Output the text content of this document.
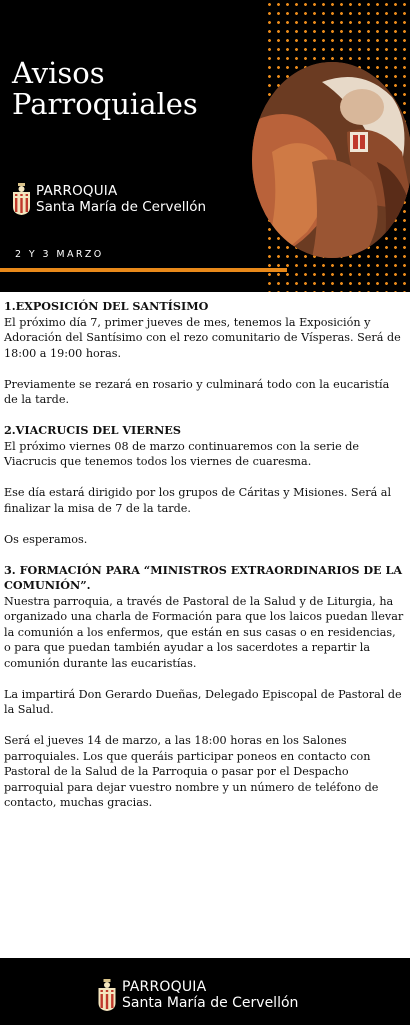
Avisos
Parroquiales
PARROQUIA
Santa María de Cervellón
2 Y 3 MARZO
1.EXPOSICIÓN DEL SANTÍSIMO

El próximo día 7, primer jueves de mes, tenemos la Exposición y Adoración del Santísimo con el rezo comunitario de Vísperas. Será de 18:00 a 19:00 horas.

Previamente se rezará en rosario y culminará todo con la eucaristía de la tarde.

2.VIACRUCIS DEL VIERNES

El próximo viernes 08 de marzo continuaremos con la serie de Viacrucis que tenemos todos los viernes de cuaresma.

Ese día estará dirigido por los grupos de Cáritas y Misiones. Será al finalizar la misa de 7 de la tarde.

Os esperamos.

3. FORMACIÓN PARA “MINISTROS EXTRAORDINARIOS DE LA COMUNIÓN”.

Nuestra parroquia, a través de Pastoral de la Salud y de Liturgia, ha organizado una charla de Formación para que los laicos puedan llevar la comunión a los enfermos, que están en sus casas o en residencias, o para que puedan también ayudar a los sacerdotes a repartir la comunión durante las eucaristías.

La impartirá Don Gerardo Dueñas, Delegado Episcopal de Pastoral de la Salud.

Será el jueves 14 de marzo, a las 18:00 horas en los Salones parroquiales. Los que queráis participar poneos en contacto con Pastoral de la Salud de la Parroquia o pasar por el Despacho parroquial para dejar vuestro nombre y un número de teléfono de contacto, muchas gracias.

PARROQUIA
Santa María de Cervellón
